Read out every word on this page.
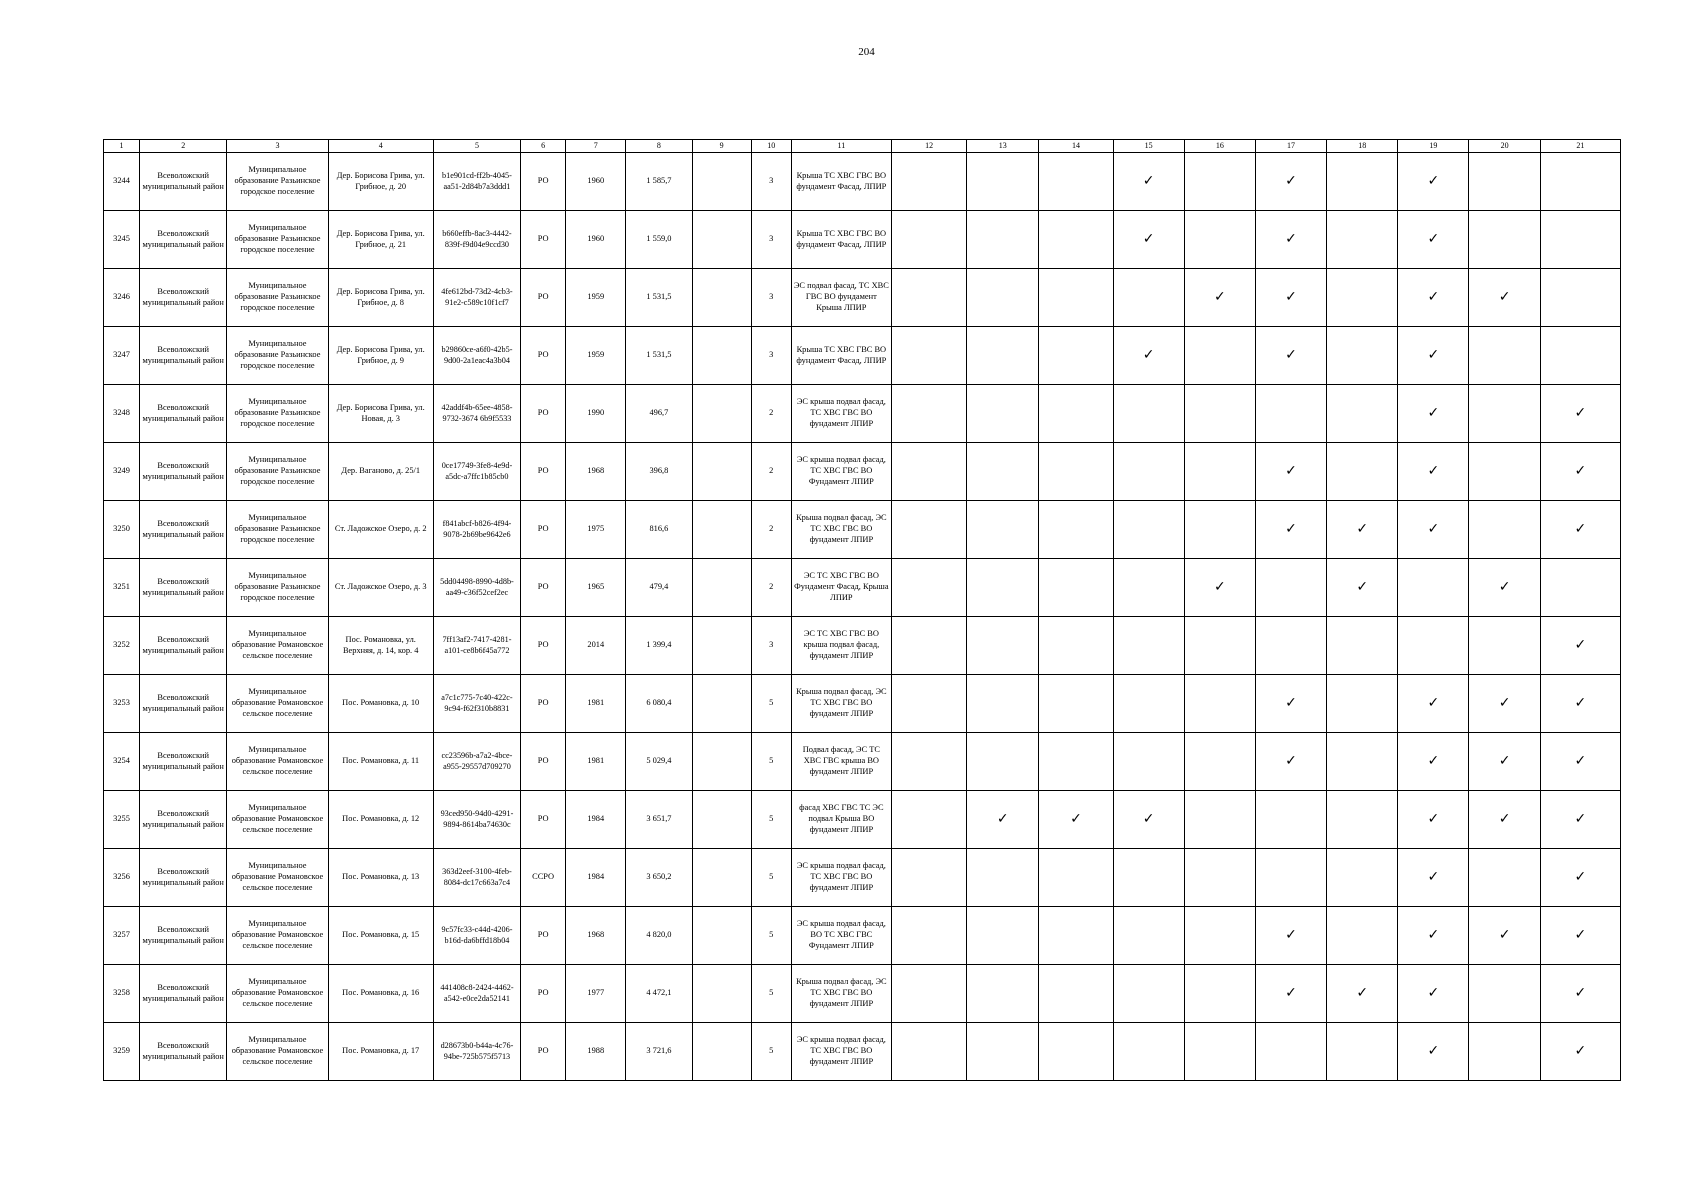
204
1	2	3	4	5	6	7	8	9	10	11	12	13	14	15	16	17	18	19	20	21
3244	Всеволожский муниципальный район	Муниципальное образование Разьинское городское поселение	Дер. Борисова Грива, ул. Грибное, д. 20	b1e901cd-ff2b-4045-aa51-2d84b7a3ddd1	РО	1960	1 585,7		3	Крыша ТС ХВС ГВС ВО фундамент Фасад, ЛПИР				✓		✓		✓		
3245	Всеволожский муниципальный район	Муниципальное образование Разьинское городское поселение	Дер. Борисова Грива, ул. Грибное, д. 21	b660effb-8ac3-4442-839f-f9d04e9ccd30	РО	1960	1 559,0		3	Крыша ТС ХВС ГВС ВО фундамент Фасад, ЛПИР				✓		✓		✓		
3246	Всеволожский муниципальный район	Муниципальное образование Разьинское городское поселение	Дер. Борисова Грива, ул. Грибное, д. 8	4fe612bd-73d2-4cb3-91e2-c589c10f1cf7	РО	1959	1 531,5		3	ЭС подвал фасад, ТС ХВС ГВС ВО фундамент Крыша ЛПИР					✓	✓		✓	✓	
3247	Всеволожский муниципальный район	Муниципальное образование Разьинское городское поселение	Дер. Борисова Грива, ул. Грибное, д. 9	b29860ce-a6f0-42b5-9d00-2a1eac4a3b04	РО	1959	1 531,5		3	Крыша ТС ХВС ГВС ВО фундамент Фасад, ЛПИР				✓		✓		✓		
3248	Всеволожский муниципальный район	Муниципальное образование Разьинское городское поселение	Дер. Борисова Грива, ул. Новая, д. 3	42addf4b-65ee-4858-9732-3674 6b9f5533	РО	1990	496,7		2	ЭС крыша подвал фасад, ТС ХВС ГВС ВО фундамент ЛПИР								✓		✓
3249	Всеволожский муниципальный район	Муниципальное образование Разьинское городское поселение	Дер. Ваганово, д. 25/1	0ce17749-3fe8-4e9d-a5dc-a7ffc1b85cb0	РО	1968	396,8		2	ЭС крыша подвал фасад, ТС ХВС ГВС ВО Фундамент ЛПИР						✓		✓		✓
3250	Всеволожский муниципальный район	Муниципальное образование Разьинское городское поселение	Ст. Ладожское Озеро, д. 2	f841abcf-b826-4f94-9078-2b69be9642e6	РО	1975	816,6		2	Крыша подвал фасад, ЭС ТС ХВС ГВС ВО фундамент ЛПИР						✓	✓	✓		✓
3251	Всеволожский муниципальный район	Муниципальное образование Разьинское городское поселение	Ст. Ладожское Озеро, д. 3	5dd04498-8990-4d8b-aa49-c36f52cef2ec	РО	1965	479,4		2	ЭС ТС ХВС ГВС ВО Фундамент Фасад, Крыша ЛПИР					✓		✓		✓	
3252	Всеволожский муниципальный район	Муниципальное образование Романовское сельское поселение	Пос. Романовка, ул. Верхняя, д. 14, кор. 4	7ff13af2-7417-4281-a101-ce8b6f45a772	РО	2014	1 399,4		3	ЭС ТС ХВС ГВС ВО крыша подвал фасад, фундамент ЛПИР										✓
3253	Всеволожский муниципальный район	Муниципальное образование Романовское сельское поселение	Пос. Романовка, д. 10	a7c1c775-7c40-422c-9c94-f62f310b8831	РО	1981	6 080,4		5	Крыша подвал фасад, ЭС ТС ХВС ГВС ВО фундамент ЛПИР						✓		✓	✓	✓
3254	Всеволожский муниципальный район	Муниципальное образование Романовское сельское поселение	Пос. Романовка, д. 11	cc23596b-a7a2-4bce-a955-29557d709270	РО	1981	5 029,4		5	Подвал фасад, ЭС ТС ХВС ГВС крыша ВО фундамент ЛПИР						✓		✓	✓	✓
3255	Всеволожский муниципальный район	Муниципальное образование Романовское сельское поселение	Пос. Романовка, д. 12	93ced950-94d0-4291-9894-8614ba74630c	РО	1984	3 651,7		5	фасад ХВС ГВС ТС ЭС подвал Крыша ВО фундамент ЛПИР		✓	✓	✓				✓	✓	✓
3256	Всеволожский муниципальный район	Муниципальное образование Романовское сельское поселение	Пос. Романовка, д. 13	363d2eef-3100-4feb-8084-dc17c663a7c4	ССРО	1984	3 650,2		5	ЭС крыша подвал фасад, ТС ХВС ГВС ВО фундамент ЛПИР								✓		✓
3257	Всеволожский муниципальный район	Муниципальное образование Романовское сельское поселение	Пос. Романовка, д. 15	9c57fc33-c44d-4206-b16d-da6bffd18b04	РО	1968	4 820,0		5	ЭС крыша подвал фасад, ВО ТС ХВС ГВС Фундамент ЛПИР						✓		✓	✓	✓
3258	Всеволожский муниципальный район	Муниципальное образование Романовское сельское поселение	Пос. Романовка, д. 16	441408c8-2424-4462-a542-e0ce2da52141	РО	1977	4 472,1		5	Крыша подвал фасад, ЭС ТС ХВС ГВС ВО фундамент ЛПИР						✓	✓	✓		✓
3259	Всеволожский муниципальный район	Муниципальное образование Романовское сельское поселение	Пос. Романовка, д. 17	d28673b0-b44a-4c76-94be-725b575f5713	РО	1988	3 721,6		5	ЭС крыша подвал фасад, ТС ХВС ГВС ВО фундамент ЛПИР								✓		✓
